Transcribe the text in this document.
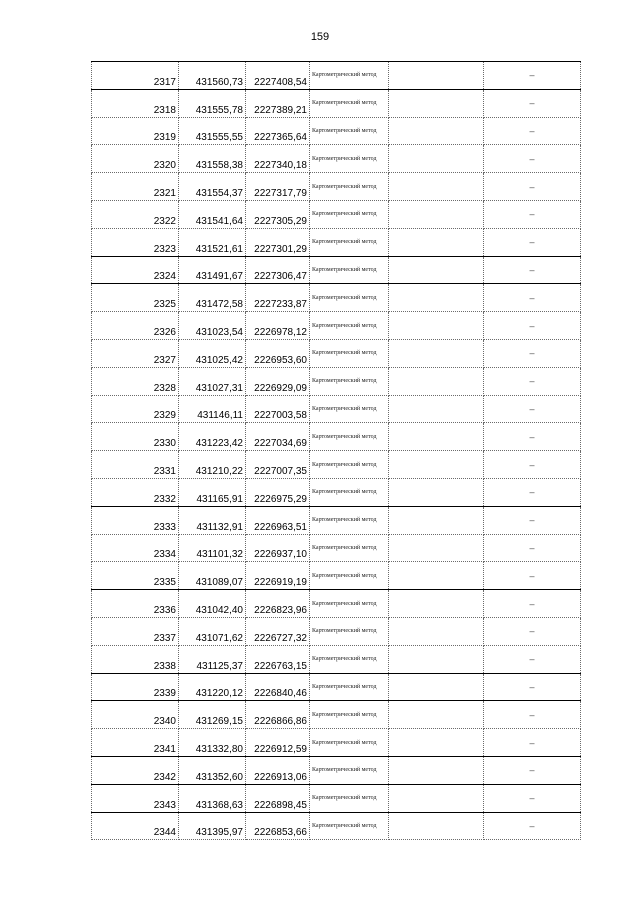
159
2317	431560,73	2227408,54	Картометрический метод		–
2318	431555,78	2227389,21	Картометрический метод		–
2319	431555,55	2227365,64	Картометрический метод		–
2320	431558,38	2227340,18	Картометрический метод		–
2321	431554,37	2227317,79	Картометрический метод		–
2322	431541,64	2227305,29	Картометрический метод		–
2323	431521,61	2227301,29	Картометрический метод		–
2324	431491,67	2227306,47	Картометрический метод		–
2325	431472,58	2227233,87	Картометрический метод		–
2326	431023,54	2226978,12	Картометрический метод		–
2327	431025,42	2226953,60	Картометрический метод		–
2328	431027,31	2226929,09	Картометрический метод		–
2329	431146,11	2227003,58	Картометрический метод		–
2330	431223,42	2227034,69	Картометрический метод		–
2331	431210,22	2227007,35	Картометрический метод		–
2332	431165,91	2226975,29	Картометрический метод		–
2333	431132,91	2226963,51	Картометрический метод		–
2334	431101,32	2226937,10	Картометрический метод		–
2335	431089,07	2226919,19	Картометрический метод		–
2336	431042,40	2226823,96	Картометрический метод		–
2337	431071,62	2226727,32	Картометрический метод		–
2338	431125,37	2226763,15	Картометрический метод		–
2339	431220,12	2226840,46	Картометрический метод		–
2340	431269,15	2226866,86	Картометрический метод		–
2341	431332,80	2226912,59	Картометрический метод		–
2342	431352,60	2226913,06	Картометрический метод		–
2343	431368,63	2226898,45	Картометрический метод		–
2344	431395,97	2226853,66	Картометрический метод		–
